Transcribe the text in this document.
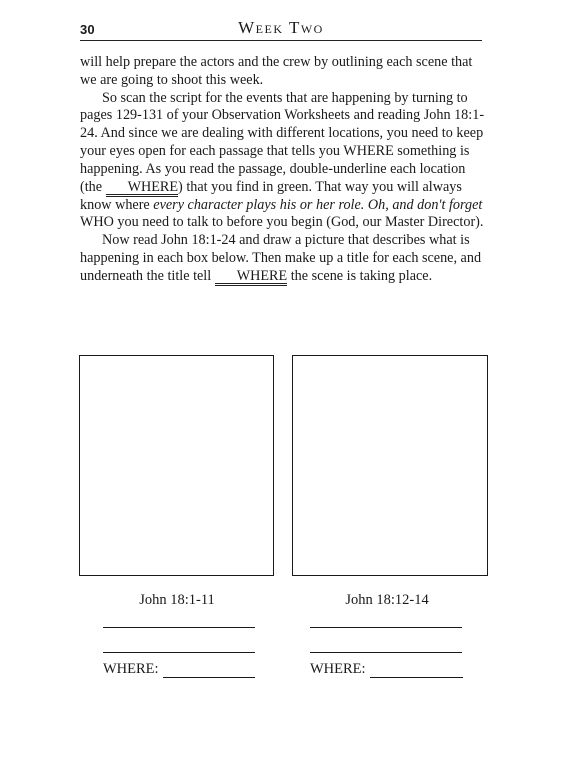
30	Week Two

will help prepare the actors and the crew by outlining each scene that we are going to shoot this week.

So scan the script for the events that are happening by turning to pages 129-131 of your Observation Worksheets and reading John 18:1-24. And since we are dealing with different locations, you need to keep your eyes open for each passage that tells you WHERE something is happening. As you read the passage, double-underline each location (the WHERE) that you find in green. That way you will always know where every character plays his or her role. Oh, and don't forget WHO you need to talk to before you begin (God, our Master Director).

Now read John 18:1-24 and draw a picture that describes what is happening in each box below. Then make up a title for each scene, and underneath the title tell WHERE the scene is taking place.

John 18:1-11	John 18:12-14
WHERE:	WHERE:
